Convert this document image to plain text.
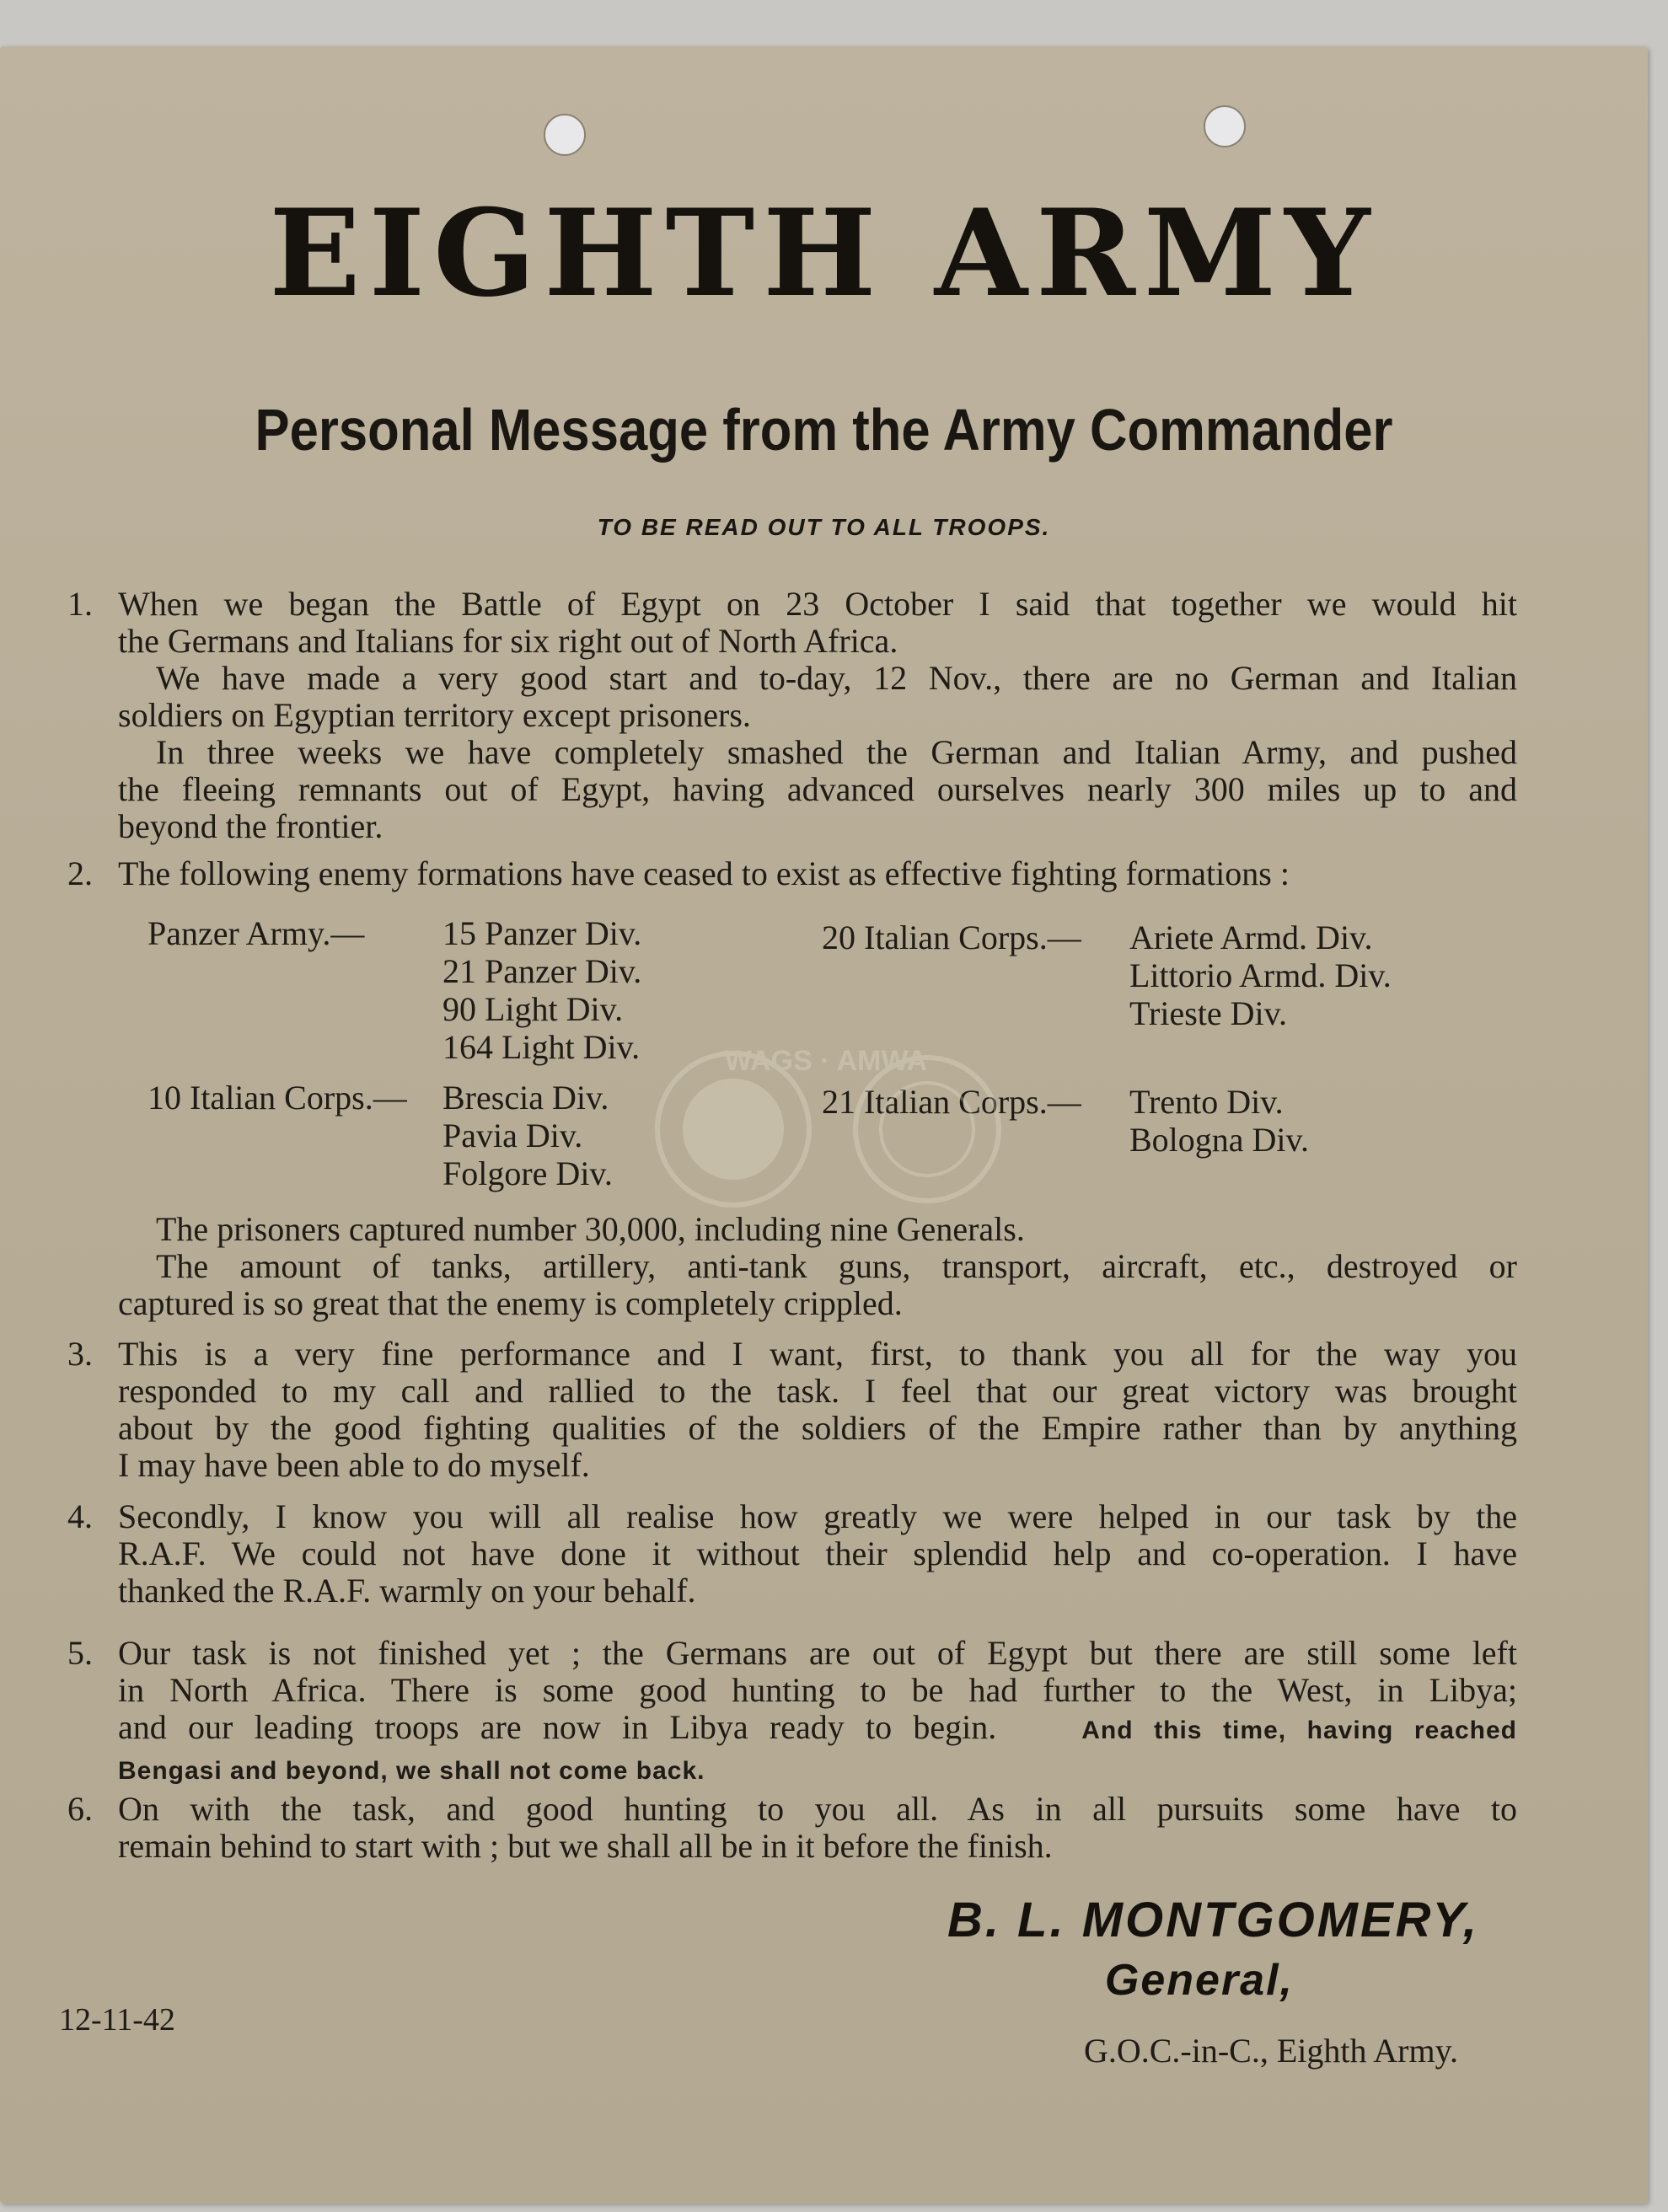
EIGHTH ARMY
Personal Message from the Army Commander
TO BE READ OUT TO ALL TROOPS.
1. When we began the Battle of Egypt on 23 October I said that together we would hit
the Germans and Italians for six right out of North Africa.
We have made a very good start and to-day, 12 Nov., there are no German and Italian
soldiers on Egyptian territory except prisoners.
In three weeks we have completely smashed the German and Italian Army, and pushed
the fleeing remnants out of Egypt, having advanced ourselves nearly 300 miles up to and
beyond the frontier.
2. The following enemy formations have ceased to exist as effective fighting formations :
Panzer Army.— 15 Panzer Div.
21 Panzer Div.
90 Light Div.
164 Light Div.
20 Italian Corps.— Ariete Armd. Div.
Littorio Armd. Div.
Trieste Div.
10 Italian Corps.— Brescia Div.
Pavia Div.
Folgore Div.
21 Italian Corps.— Trento Div.
Bologna Div.
WAGS · AMWA
The prisoners captured number 30,000, including nine Generals.
The amount of tanks, artillery, anti-tank guns, transport, aircraft, etc., destroyed or
captured is so great that the enemy is completely crippled.
3. This is a very fine performance and I want, first, to thank you all for the way you
responded to my call and rallied to the task. I feel that our great victory was brought
about by the good fighting qualities of the soldiers of the Empire rather than by anything
I may have been able to do myself.
4. Secondly, I know you will all realise how greatly we were helped in our task by the
R.A.F. We could not have done it without their splendid help and co-operation. I have
thanked the R.A.F. warmly on your behalf.
5. Our task is not finished yet ; the Germans are out of Egypt but there are still some left
in North Africa. There is some good hunting to be had further to the West, in Libya;
and our leading troops are now in Libya ready to begin.	And this time, having reached
Bengasi and beyond, we shall not come back.
6. On with the task, and good hunting to you all. As in all pursuits some have to
remain behind to start with ; but we shall all be in it before the finish.
B. L. MONTGOMERY,
General,
G.O.C.-in-C., Eighth Army.
12-11-42
